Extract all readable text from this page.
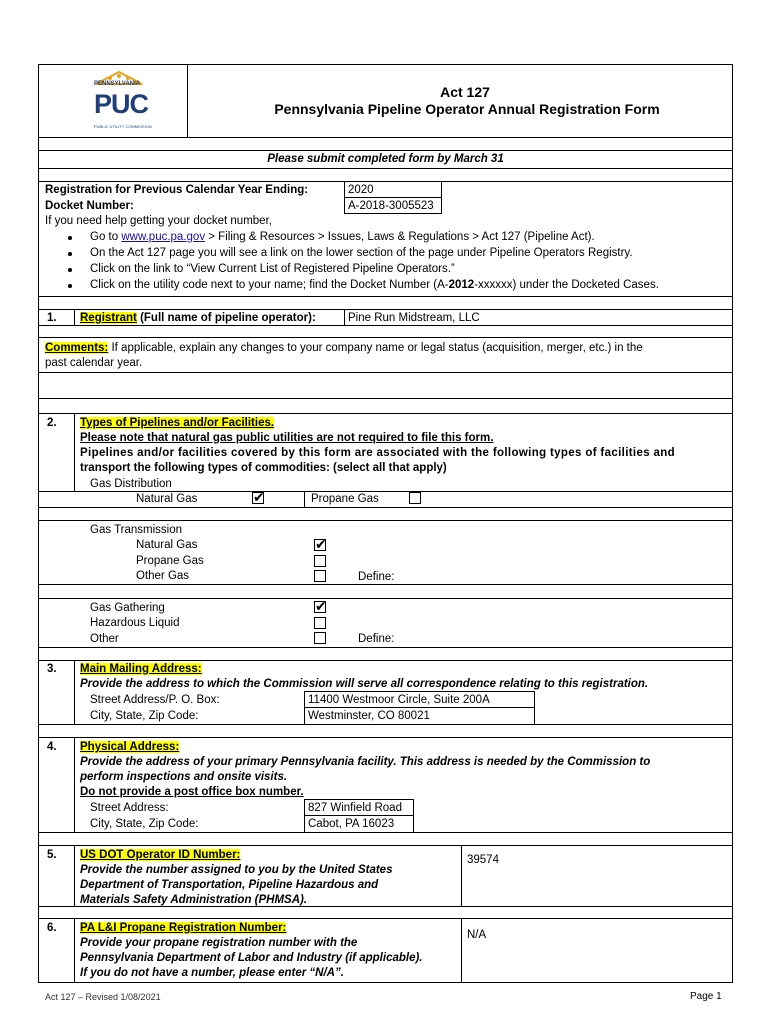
PENNSYLVANIA
PUC
PUBLIC UTILITY COMMISSION
Act 127
Pennsylvania Pipeline Operator Annual Registration Form
Please submit completed form by March 31
Registration for Previous Calendar Year Ending:	2020
Docket Number:	A-2018-3005523
If you need help getting your docket number,
Go to www.puc.pa.gov > Filing & Resources > Issues, Laws & Regulations > Act 127 (Pipeline Act).
On the Act 127 page you will see a link on the lower section of the page under Pipeline Operators Registry.
Click on the link to “View Current List of Registered Pipeline Operators.”
Click on the utility code next to your name; find the Docket Number (A-2012-xxxxxx) under the Docketed Cases.
1. Registrant (Full name of pipeline operator):	Pine Run Midstream, LLC
Comments: If applicable, explain any changes to your company name or legal status (acquisition, merger, etc.) in the
past calendar year.
2. Types of Pipelines and/or Facilities.
Please note that natural gas public utilities are not required to file this form.
Pipelines and/or facilities covered by this form are associated with the following types of facilities and
transport the following types of commodities: (select all that apply)
Gas Distribution
Natural Gas	✔	Propane Gas
Gas Transmission
Natural Gas	✔
Propane Gas
Other Gas	Define:
Gas Gathering	✔
Hazardous Liquid
Other	Define:
3. Main Mailing Address:
Provide the address to which the Commission will serve all correspondence relating to this registration.
Street Address/P. O. Box:	11400 Westmoor Circle, Suite 200A
City, State, Zip Code:	Westminster, CO 80021
4. Physical Address:
Provide the address of your primary Pennsylvania facility. This address is needed by the Commission to
perform inspections and onsite visits.
Do not provide a post office box number.
Street Address:	827 Winfield Road
City, State, Zip Code:	Cabot, PA 16023
5. US DOT Operator ID Number:
Provide the number assigned to you by the United States
Department of Transportation, Pipeline Hazardous and
Materials Safety Administration (PHMSA).
39574
6. PA L&I Propane Registration Number:
Provide your propane registration number with the
Pennsylvania Department of Labor and Industry (if applicable).
If you do not have a number, please enter “N/A”.
N/A
Act 127 – Revised 1/08/2021	Page 1
